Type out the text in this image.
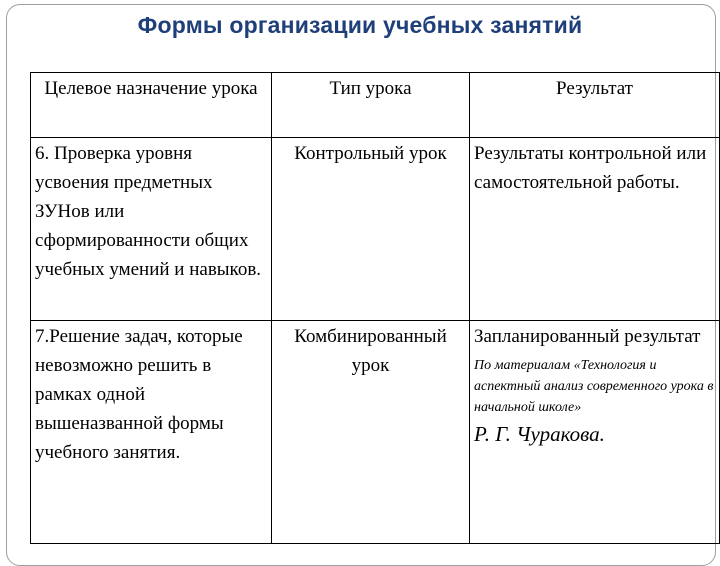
Формы организации учебных занятий
Целевое назначение урока	Тип урока	Результат
6. Проверка уровня усвоения предметных ЗУНов или сформированности общих учебных умений и навыков.	Контрольный урок	Результаты контрольной или самостоятельной работы.
7.Решение задач, которые невозможно решить в рамках одной вышеназванной формы учебного занятия.	Комбинированный урок	Запланированный результат
По материалам «Технология и аспектный анализ современного урока в начальной школе»
Р. Г. Чуракова.
